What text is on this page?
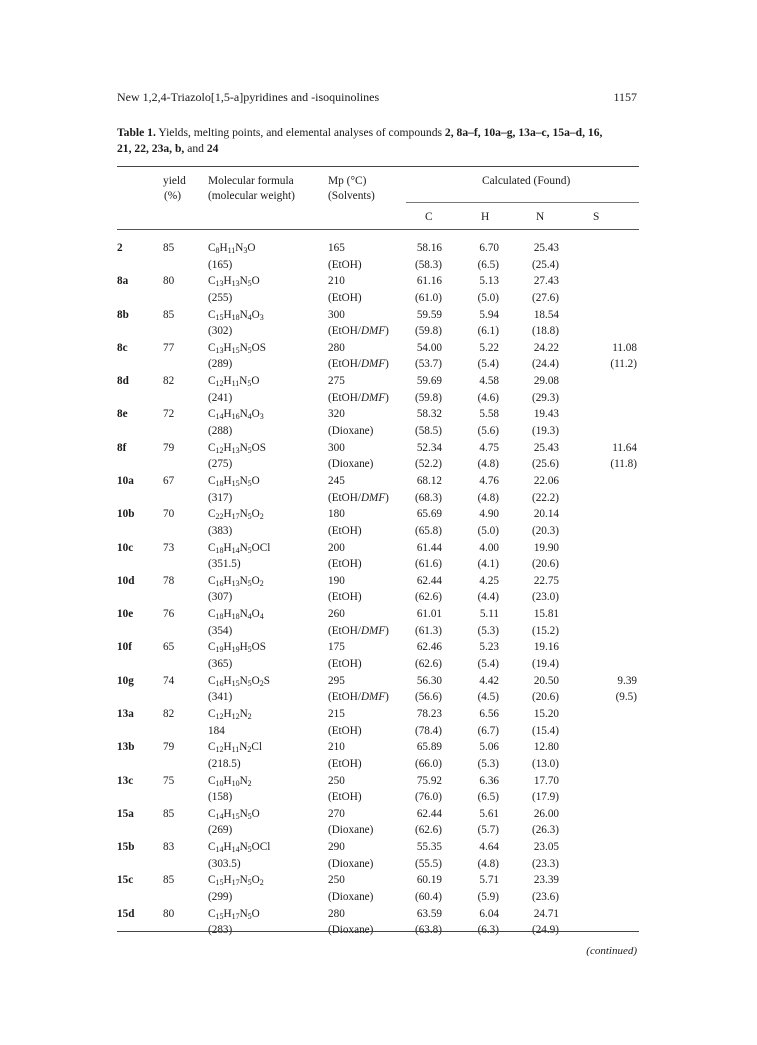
New 1,2,4-Triazolo[1,5-a]pyridines and -isoquinolines	1157
Table 1. Yields, melting points, and elemental analyses of compounds 2, 8a–f, 10a–g, 13a–c, 15a–d, 16,
21, 22, 23a, b, and 24
yield
(%)
Molecular formula
(molecular weight)
Mp (°C)
(Solvents)
Calculated (Found)
C	H	N	S
2	85	$C_8H_{11}N_3O$	165	58.16	6.70	25.43
(165)	(EtOH)	(58.3)	(6.5)	(25.4)
8a	80	$C_{13}H_{13}N_5O$	210	61.16	5.13	27.43
(255)	(EtOH)	(61.0)	(5.0)	(27.6)
8b	85	$C_{15}H_{18}N_4O_3$	300	59.59	5.94	18.54
(302)	(EtOH/DMF) (59.8)	(6.1)	(18.8)
8c	77	$C_{13}H_{15}N_5OS$	280	54.00	5.22	24.22	11.08
(289)	(EtOH/DMF) (53.7)	(5.4)	(24.4)	(11.2)
8d	82	$C_{12}H_{11}N_5O$	275	59.69	4.58	29.08
(241)	(EtOH/DMF) (59.8)	(4.6)	(29.3)
8e	72	$C_{14}H_{16}N_4O_3$	320	58.32	5.58	19.43
(288)	(Dioxane)	(58.5)	(5.6)	(19.3)
8f	79	$C_{12}H_{13}N_5OS$	300	52.34	4.75	25.43	11.64
(275)	(Dioxane)	(52.2)	(4.8)	(25.6)	(11.8)
10a	67	$C_{18}H_{15}N_5O$	245	68.12	4.76	22.06
(317)	(EtOH/DMF) (68.3)	(4.8)	(22.2)
10b	70	$C_{22}H_{17}N_5O_2$	180	65.69	4.90	20.14
(383)	(EtOH)	(65.8)	(5.0)	(20.3)
10c	73	$C_{18}H_{14}N_5OCl$	200	61.44	4.00	19.90
(351.5)	(EtOH)	(61.6)	(4.1)	(20.6)
10d	78	$C_{16}H_{13}N_5O_2$	190	62.44	4.25	22.75
(307)	(EtOH)	(62.6)	(4.4)	(23.0)
10e	76	$C_{18}H_{18}N_4O_4$	260	61.01	5.11	15.81
(354)	(EtOH/DMF) (61.3)	(5.3)	(15.2)
10f	65	$C_{19}H_{19}H_5OS$	175	62.46	5.23	19.16
(365)	(EtOH)	(62.6)	(5.4)	(19.4)
10g	74	$C_{16}H_{15}N_5O_2S$	295	56.30	4.42	20.50	9.39
(341)	(EtOH/DMF) (56.6)	(4.5)	(20.6)	(9.5)
13a	82	$C_{12}H_{12}N_2$	215	78.23	6.56	15.20
184	(EtOH)	(78.4)	(6.7)	(15.4)
13b	79	$C_{12}H_{11}N_2Cl$	210	65.89	5.06	12.80
(218.5)	(EtOH)	(66.0)	(5.3)	(13.0)
13c	75	$C_{10}H_{10}N_2$	250	75.92	6.36	17.70
(158)	(EtOH)	(76.0)	(6.5)	(17.9)
15a	85	$C_{14}H_{15}N_5O$	270	62.44	5.61	26.00
(269)	(Dioxane)	(62.6)	(5.7)	(26.3)
15b	83	$C_{14}H_{14}N_5OCl$	290	55.35	4.64	23.05
(303.5)	(Dioxane)	(55.5)	(4.8)	(23.3)
15c	85	$C_{15}H_{17}N_5O_2$	250	60.19	5.71	23.39
(299)	(Dioxane)	(60.4)	(5.9)	(23.6)
15d	80	$C_{15}H_{17}N_5O$	280	63.59	6.04	24.71
(283)	(Dioxane)	(63.8)	(6.3)	(24.9)
(continued)
